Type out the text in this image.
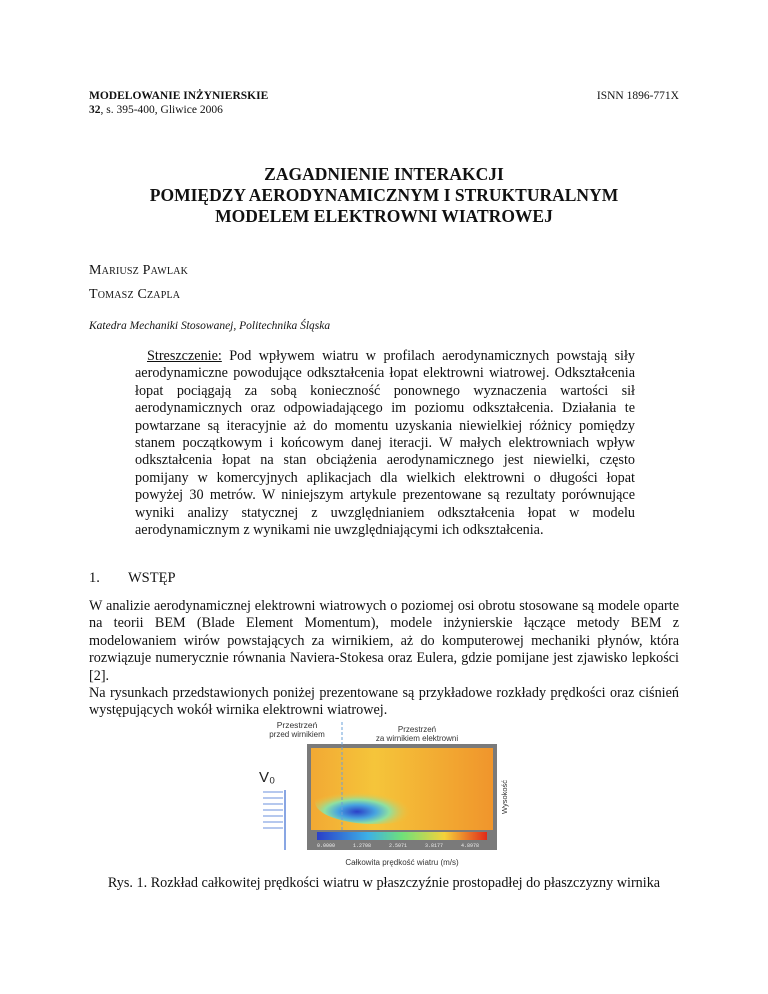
MODELOWANIE INŻYNIERSKIE
32, s. 395-400, Gliwice 2006
ISNN 1896-771X
ZAGADNIENIE INTERAKCJI
POMIĘDZY AERODYNAMICZNYM I STRUKTURALNYM
MODELEM ELEKTROWNI WIATROWEJ
Mariusz Pawlak
Tomasz Czapla
Katedra Mechaniki Stosowanej, Politechnika Śląska
Streszczenie: Pod wpływem wiatru w profilach aerodynamicznych powstają siły aerodynamiczne powodujące odkształcenia łopat elektrowni wiatrowej. Odkształcenia łopat pociągają za sobą konieczność ponownego wyznaczenia wartości sił aerodynamicznych oraz odpowiadającego im poziomu odkształcenia. Działania te powtarzane są iteracyjnie aż do momentu uzyskania niewielkiej różnicy pomiędzy stanem początkowym i końcowym danej iteracji. W małych elektrowniach wpływ odkształcenia łopat na stan obciążenia aerodynamicznego jest niewielki, często pomijany w komercyjnych aplikacjach dla wielkich elektrowni o długości łopat powyżej 30 metrów. W niniejszym artykule prezentowane są rezultaty porównujące wyniki analizy statycznej z uwzględnianiem odkształcenia łopat w modelu aerodynamicznym z wynikami nie uwzględniającymi ich odkształcenia.
1. WSTĘP
W analizie aerodynamicznej elektrowni wiatrowych o poziomej osi obrotu stosowane są modele oparte na teorii BEM (Blade Element Momentum), modele inżynierskie łączące metody BEM z modelowaniem wirów powstających za wirnikiem, aż do komputerowej mechaniki płynów, która rozwiązuje numerycznie równania Naviera-Stokesa oraz Eulera, gdzie pomijane jest zjawisko lepkości [2].
Na rysunkach przedstawionych poniżej prezentowane są przykładowe rozkłady prędkości oraz ciśnień występujących wokół wirnika elektrowni wiatrowej.
Przestrzeń
przed wirnikiem
Przestrzeń
za wirnikiem elektrowni
V₀
Wysokość
0.0000	1.2708	2.5071	3.8177	4.8978
Całkowita prędkość wiatru (m/s)
Rys. 1. Rozkład całkowitej prędkości wiatru w płaszczyźnie prostopadłej do płaszczyzny wirnika
